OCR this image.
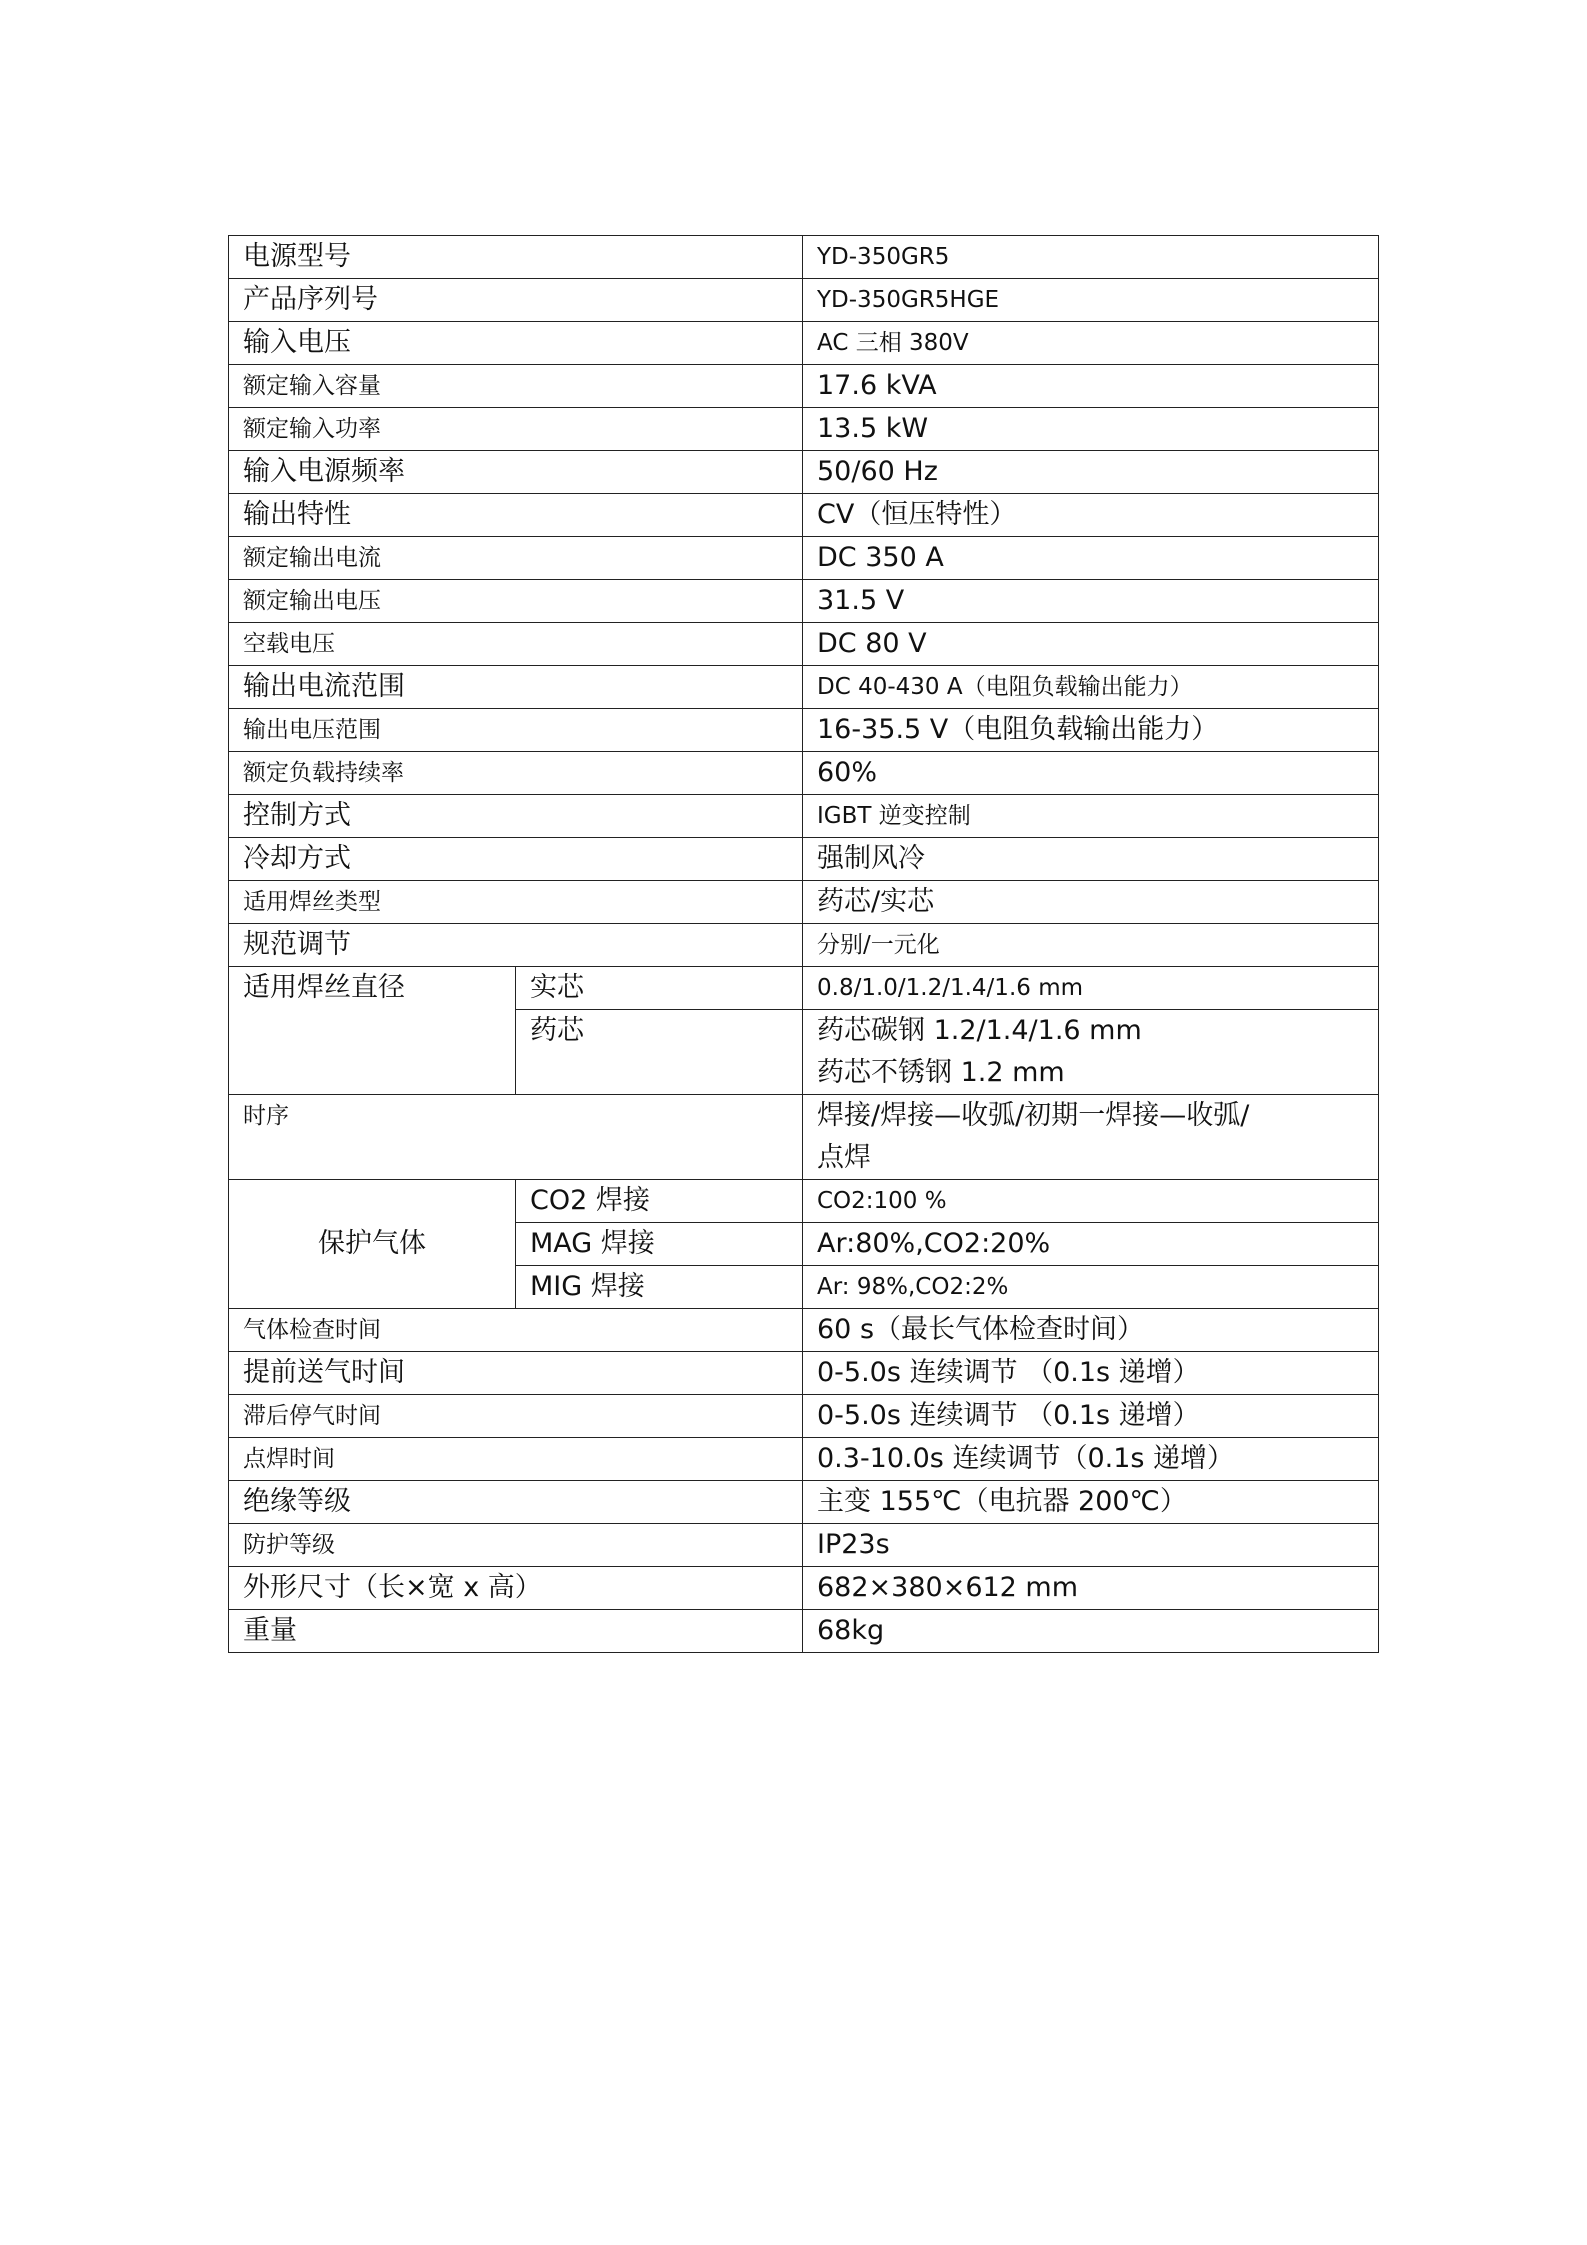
电源型号		YD-350GR5
产品序列号		YD-350GR5HGE
输入电压		AC 三相 380V
额定输入容量		17.6 kVA
额定输入功率		13.5 kW
输入电源频率		50/60 Hz
输出特性		CV（恒压特性）
额定输出电流		DC 350 A
额定输出电压		31.5 V
空载电压		DC 80 V
输出电流范围		DC 40-430 A（电阻负载输出能力）
输出电压范围		16-35.5 V（电阻负载输出能力）
额定负载持续率		60%
控制方式		IGBT 逆变控制
冷却方式		强制风冷
适用焊丝类型		药芯/实芯
规范调节		分别/一元化
适用焊丝直径	实芯	0.8/1.0/1.2/1.4/1.6 mm
	药芯	药芯碳钢 1.2/1.4/1.6 mm
药芯不锈钢 1.2 mm

时序		焊接/焊接—收弧/初期一焊接—收弧/
点焊

保护气体	CO2 焊接	CO2:100 %
	MAG 焊接	Ar:80%,CO2:20%
	MIG 焊接	Ar: 98%,CO2:2%
气体检查时间		60 s（最长气体检查时间）
提前送气时间		0-5.0s 连续调节 （0.1s 递增）
滞后停气时间		0-5.0s 连续调节 （0.1s 递增）
点焊时间		0.3-10.0s 连续调节（0.1s 递增）
绝缘等级		主变 155℃（电抗器 200℃）
防护等级		IP23s
外形尺寸（长×宽 x 高）		682×380×612 mm
重量		68kg
